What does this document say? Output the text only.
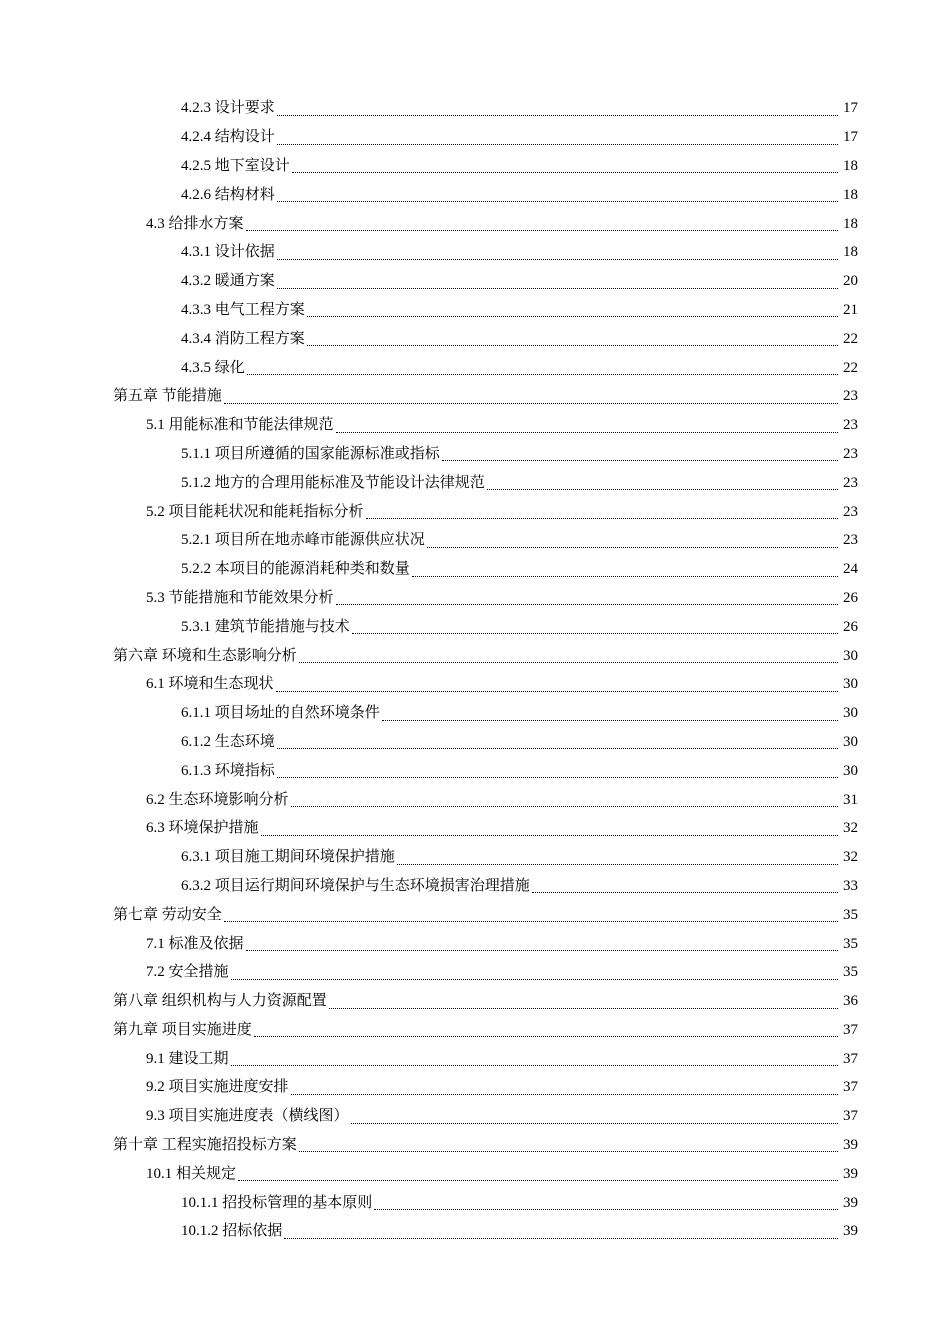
4.2.3 设计要求	17
4.2.4 结构设计	17
4.2.5 地下室设计	18
4.2.6 结构材料	18
4.3 给排水方案	18
4.3.1 设计依据	18
4.3.2 暖通方案	20
4.3.3 电气工程方案	21
4.3.4 消防工程方案	22
4.3.5 绿化	22
第五章 节能措施	23
5.1 用能标准和节能法律规范	23
5.1.1 项目所遵循的国家能源标准或指标	23
5.1.2 地方的合理用能标准及节能设计法律规范	23
5.2 项目能耗状况和能耗指标分析	23
5.2.1 项目所在地赤峰市能源供应状况	23
5.2.2 本项目的能源消耗种类和数量	24
5.3 节能措施和节能效果分析	26
5.3.1 建筑节能措施与技术	26
第六章 环境和生态影响分析	30
6.1 环境和生态现状	30
6.1.1 项目场址的自然环境条件	30
6.1.2 生态环境	30
6.1.3 环境指标	30
6.2 生态环境影响分析	31
6.3 环境保护措施	32
6.3.1 项目施工期间环境保护措施	32
6.3.2 项目运行期间环境保护与生态环境损害治理措施	33
第七章 劳动安全	35
7.1 标准及依据	35
7.2 安全措施	35
第八章 组织机构与人力资源配置	36
第九章 项目实施进度	37
9.1 建设工期	37
9.2 项目实施进度安排	37
9.3 项目实施进度表（横线图）	37
第十章 工程实施招投标方案	39
10.1 相关规定	39
10.1.1 招投标管理的基本原则	39
10.1.2 招标依据	39
